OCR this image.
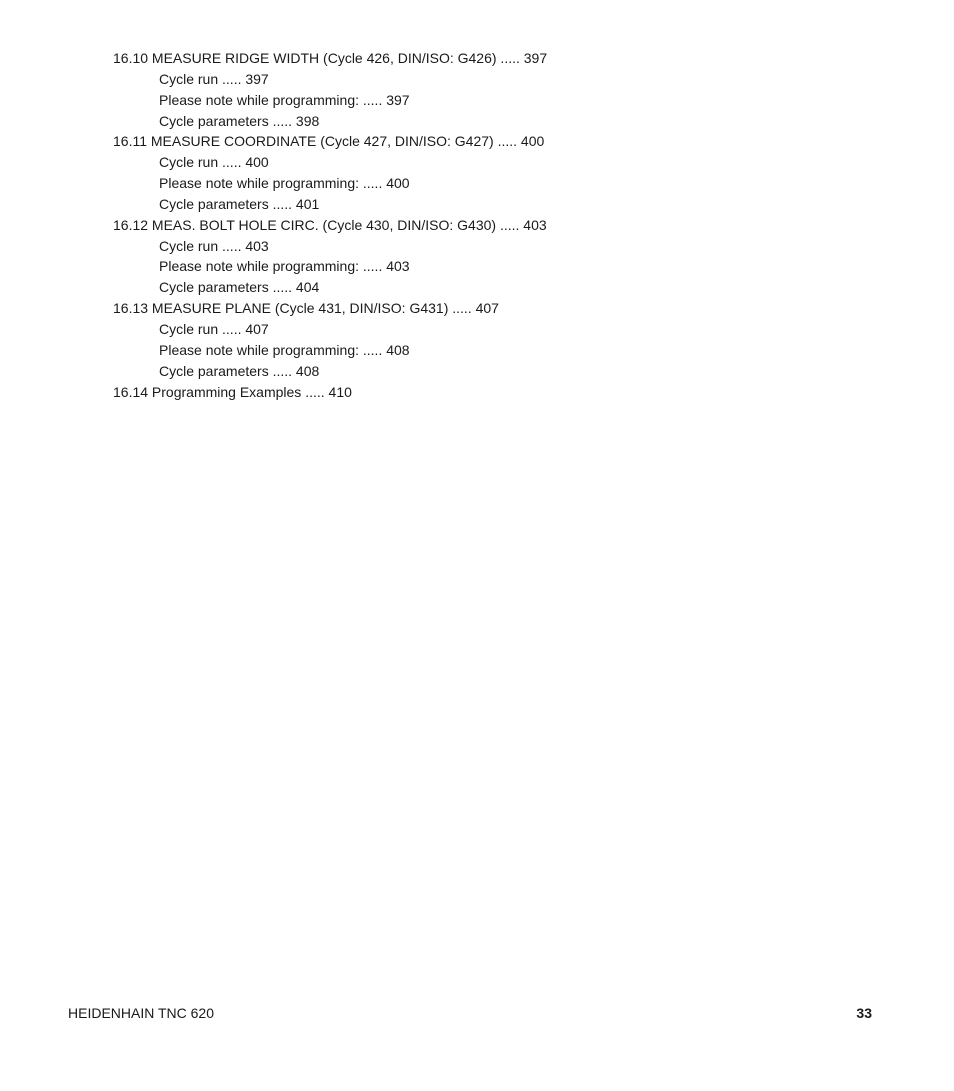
16.10 MEASURE RIDGE WIDTH (Cycle 426, DIN/ISO: G426) ..... 397
Cycle run ..... 397
Please note while programming: ..... 397
Cycle parameters ..... 398
16.11 MEASURE COORDINATE (Cycle 427, DIN/ISO: G427) ..... 400
Cycle run ..... 400
Please note while programming: ..... 400
Cycle parameters ..... 401
16.12 MEAS. BOLT HOLE CIRC. (Cycle 430, DIN/ISO: G430) ..... 403
Cycle run ..... 403
Please note while programming: ..... 403
Cycle parameters ..... 404
16.13 MEASURE PLANE (Cycle 431, DIN/ISO: G431) ..... 407
Cycle run ..... 407
Please note while programming: ..... 408
Cycle parameters ..... 408
16.14 Programming Examples ..... 410
HEIDENHAIN TNC 620	33
